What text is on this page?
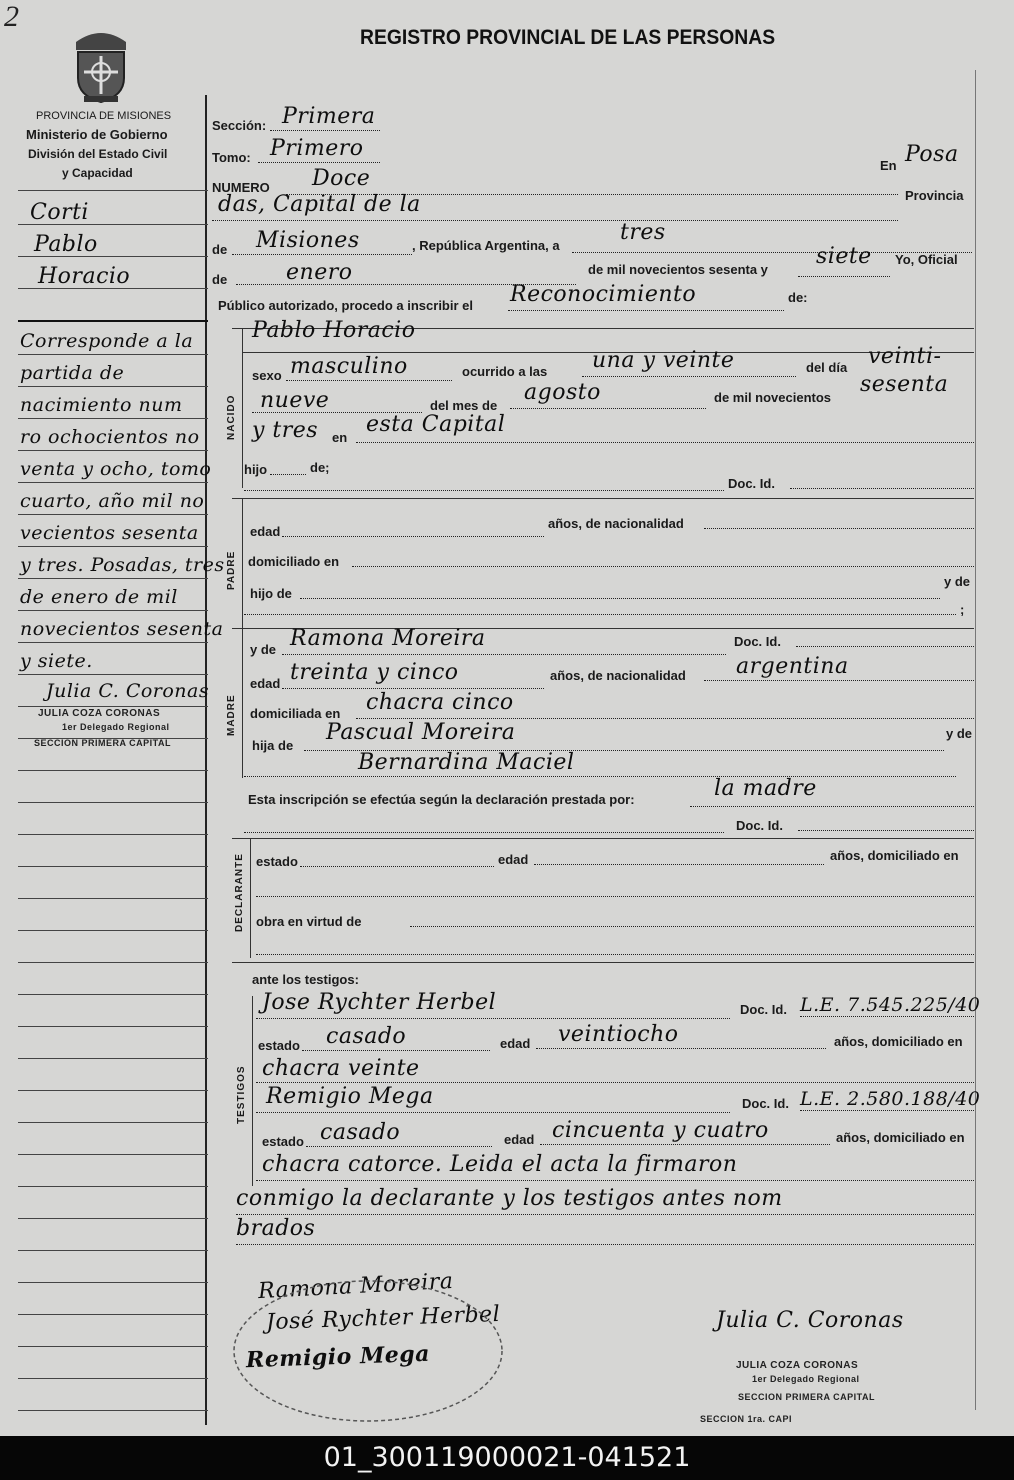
2
REGISTRO PROVINCIAL DE LAS PERSONAS
PROVINCIA DE MISIONES
Ministerio de Gobierno
División del Estado Civil
y Capacidad
Corti
Pablo
Horacio
Corresponde a la
partida de
nacimiento num
ro ochocientos no
venta y ocho, tomo
cuarto, año mil no
vecientos sesenta
y tres. Posadas, tres
de enero de mil
novecientos sesenta
y siete.
Julia C. Coronas
JULIA COZA CORONAS
1er Delegado Regional
SECCION PRIMERA CAPITAL
Sección: Primera
Tomo: Primero
En Posa
NUMERO Doce
Provincia
das, Capital de la
de Misiones	, República Argentina, a
tres
de	enero	de mil novecientos sesenta y
siete Yo, Oficial
Público autorizado, procedo a inscribir el Reconocimiento	de:
NACIDO
Pablo Horacio
sexo masculino	ocurrido a las una y veinte	del día veinti-
nueve	del mes de
agosto	de mil novecientos
sesenta
y tres en
esta Capital
hijo	de;
Doc. Id.
PADRE
edad
años, de nacionalidad
domiciliado en
hijo de
y de
;
MADRE
y de Ramona Moreira	Doc. Id.
edad treinta y cinco	años, de nacionalidad argentina
domiciliada en chacra cinco
hija de
Pascual Moreira	y de
Bernardina Maciel
Esta inscripción se efectúa según la declaración prestada por:	la madre
Doc. Id.
DECLARANTE estado	edad	años, domiciliado en
obra en virtud de
ante los testigos:
TESTIGOS
Jose Rychter Herbel	Doc. Id. L.E. 7.545.225/40
estado casado	edad veintiocho	años, domiciliado en
chacra veinte
Remigio Mega	Doc. Id. L.E. 2.580.188/40
estado casado	edad cincuenta y cuatro	años, domiciliado en
chacra catorce. Leida el acta la firmaron
conmigo la declarante y los testigos antes nom
brados
Ramona Moreira
José Rychter Herbel
Remigio Mega
Julia C. Coronas
JULIA COZA CORONAS
1er Delegado Regional
SECCION PRIMERA CAPITAL
SECCION 1ra. CAPI
01_300119000021-041521
